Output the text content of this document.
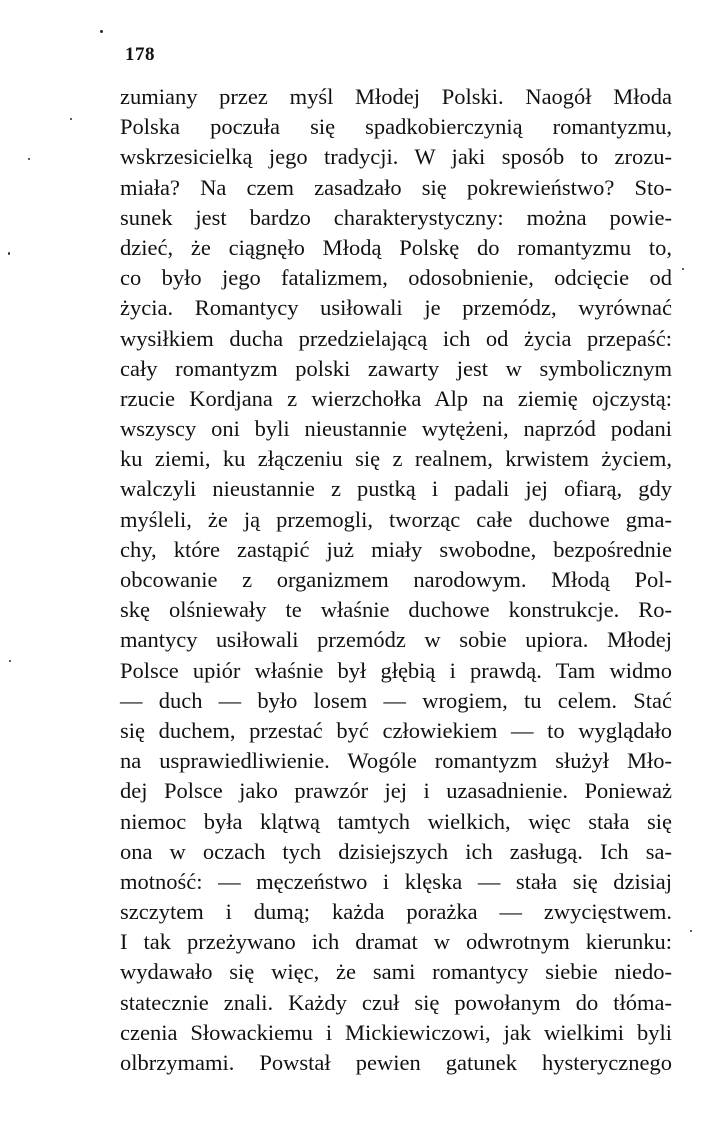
178
zumiany przez myśl Młodej Polski. Naogół Młoda
Polska poczuła się spadkobierczynią romantyzmu,
wskrzesicielką jego tradycji. W jaki sposób to zrozu-
miała? Na czem zasadzało się pokrewieństwo? Sto-
sunek jest bardzo charakterystyczny: można powie-
dzieć, że ciągnęło Młodą Polskę do romantyzmu to,
co było jego fatalizmem, odosobnienie, odcięcie od
życia. Romantycy usiłowali je przemódz, wyrównać
wysiłkiem ducha przedzielającą ich od życia przepaść:
cały romantyzm polski zawarty jest w symbolicznym
rzucie Kordjana z wierzchołka Alp na ziemię ojczystą:
wszyscy oni byli nieustannie wytężeni, naprzód podani
ku ziemi, ku złączeniu się z realnem, krwistem życiem,
walczyli nieustannie z pustką i padali jej ofiarą, gdy
myśleli, że ją przemogli, tworząc całe duchowe gma-
chy, które zastąpić już miały swobodne, bezpośrednie
obcowanie z organizmem narodowym. Młodą Pol-
skę olśniewały te właśnie duchowe konstrukcje. Ro-
mantycy usiłowali przemódz w sobie upiora. Młodej
Polsce upiór właśnie był głębią i prawdą. Tam widmo
— duch — było losem — wrogiem, tu celem. Stać
się duchem, przestać być człowiekiem — to wyglądało
na usprawiedliwienie. Wogóle romantyzm służył Mło-
dej Polsce jako prawzór jej i uzasadnienie. Ponieważ
niemoc była klątwą tamtych wielkich, więc stała się
ona w oczach tych dzisiejszych ich zasługą. Ich sa-
motność: — męczeństwo i klęska — stała się dzisiaj
szczytem i dumą; każda porażka — zwycięstwem.
I tak przeżywano ich dramat w odwrotnym kierunku:
wydawało się więc, że sami romantycy siebie niedo-
statecznie znali. Każdy czuł się powołanym do tłóma-
czenia Słowackiemu i Mickiewiczowi, jak wielkimi byli
olbrzymami. Powstał pewien gatunek hysterycznego
